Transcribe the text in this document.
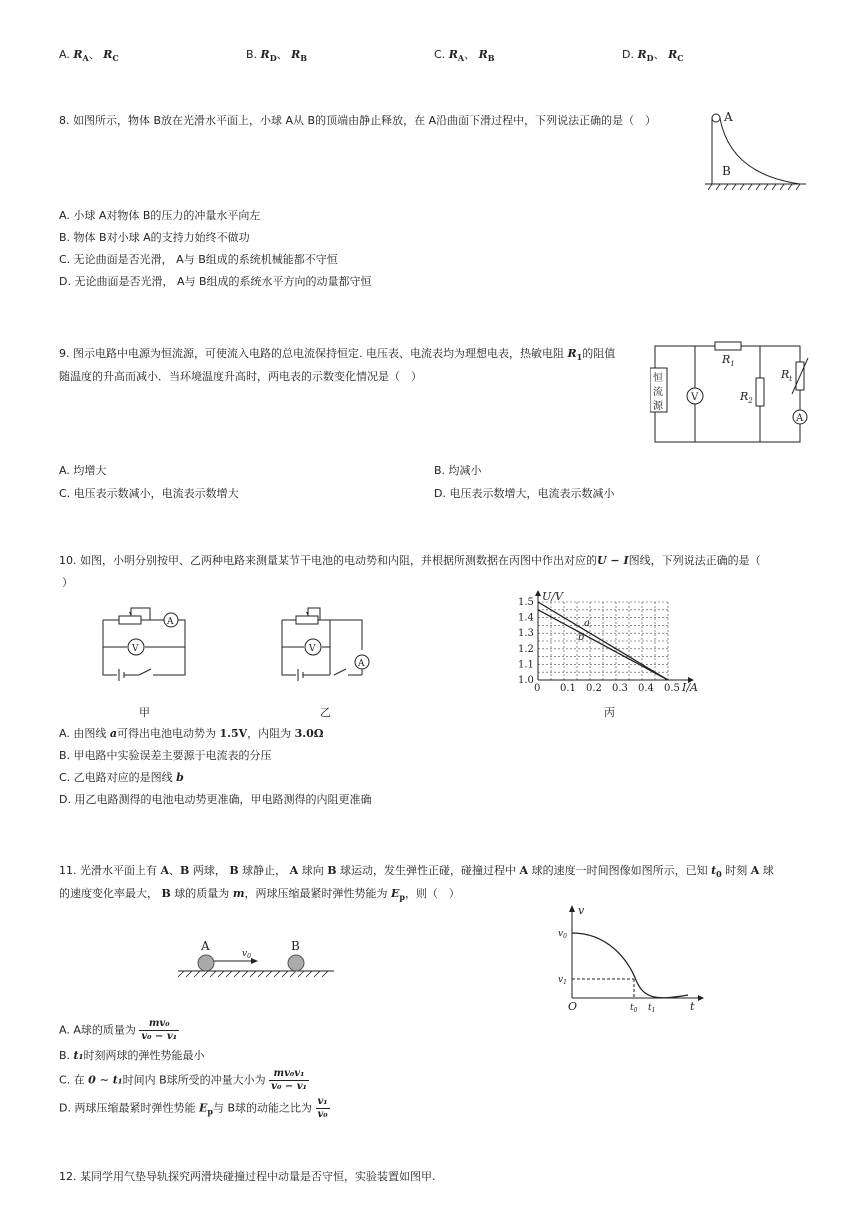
A. $R_A$、 $R_C$	B. $R_D$、 $R_B$	C. $R_A$、 $R_B$	D. $R_D$、 $R_C$
8. 如图所示，物体 B放在光滑水平面上，小球 A从 B的顶端由静止释放，在 A沿曲面下滑过程中，下列说法正确的是（　）	A
B
A. 小球 A对物体 B的压力的冲量水平向左
B. 物体 B对小球 A的支持力始终不做功
C. 无论曲面是否光滑， A与 B组成的系统机械能都不守恒
D. 无论曲面是否光滑， A与 B组成的系统水平方向的动量都守恒
9. 图示电路中电源为恒流源，可使流入电路的总电流保持恒定. 电压表、电流表均为理想电表，热敏电阻 $R_1$的阻值
随温度的升高而减小．当环境温度升高时，两电表的示数变化情况是（　）	恒
流
源
V
A
$R_1$
$R_2$
$R_t$
A. 均增大	B. 均减小
C. 电压表示数减小，电流表示数增大	D. 电压表示数增大，电流表示数减小
10. 如图，小明分别按甲、乙两种电路来测量某节干电池的电动势和内阻，并根据所测数据在丙图中作出对应的U − I图线，下列说法正确的是（
）
A
V
甲
V
A
乙
0 0.1 0.2 0.3 0.4 0.5
1.0
1.1
1.2
1.3
1.4
1.5
I/A
U/V
a
b
丙
A. 由图线 a可得出电池电动势为 1.5V，内阻为 3.0Ω
B. 甲电路中实验误差主要源于电流表的分压
C. 乙电路对应的是图线 b
D. 用乙电路测得的电池电动势更准确，甲电路测得的内阻更准确
11. 光滑水平面上有 A、B 两球， B 球静止， A 球向 B 球运动，发生弹性正碰，碰撞过程中 A 球的速度一时间图像如图所示，已知 $t_0$ 时刻 A 球
的速度变化率最大， B 球的质量为 m，两球压缩最紧时弹性势能为 $E_p$，则（　）
A	B
$v_0$
v
t
O
$v_0$
$v_1$
$t_0$ $t_1$
A. A球的质量为 $\frac{\text{mv₀}}{\text{v₀ − v₁}}$
B. t₁时刻两球的弹性势能最小
C. 在 0 ∼ t₁时间内 B球所受的冲量大小为 $\frac{\text{mv₀v₁}}{\text{v₀ − v₁}}$
D. 两球压缩最紧时弹性势能 $E_p$与 B球的动能之比为 $\frac{\text{v₁}}{\text{v₀}}$
12. 某同学用气垫导轨探究两滑块碰撞过程中动量是否守恒，实验装置如图甲.
